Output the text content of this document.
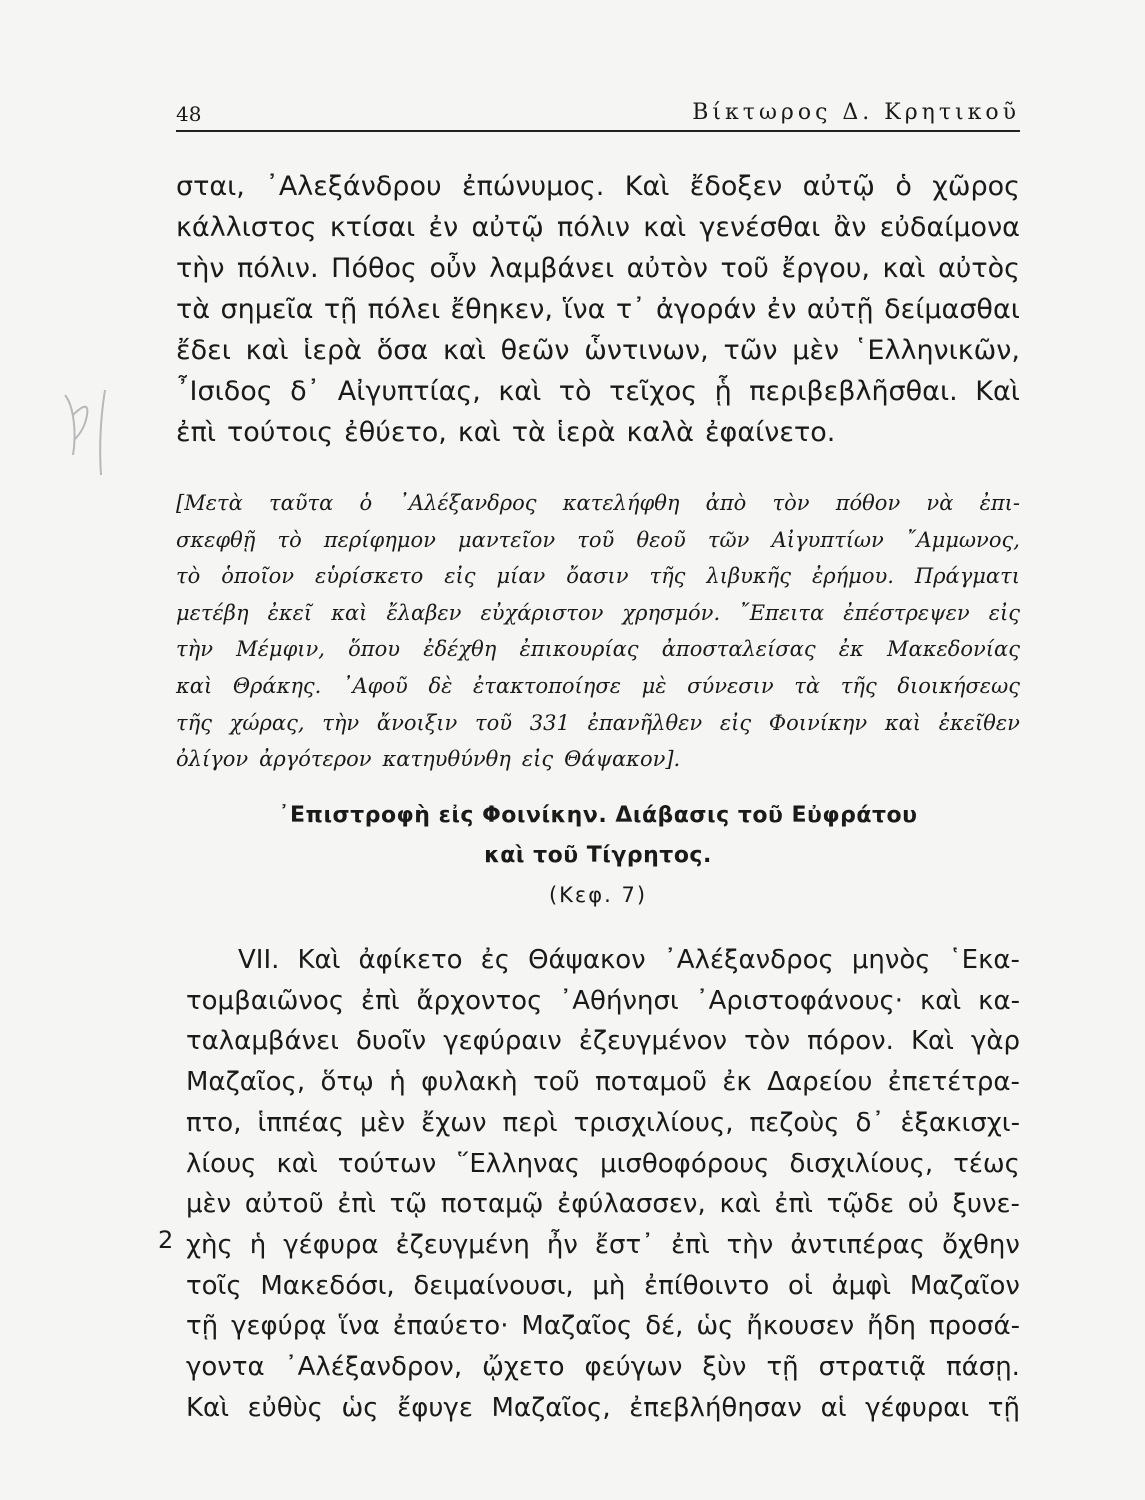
48	Βίκτωρος Δ. Κρητικοῦ
σται, ᾿Αλεξάνδρου ἐπώνυμος. Καὶ ἔδοξεν αὐτῷ ὁ χῶρος
κάλλιστος κτίσαι ἐν αὐτῷ πόλιν καὶ γενέσθαι ἂν εὐδαίμονα
τὴν πόλιν. Πόθος οὖν λαμβάνει αὐτὸν τοῦ ἔργου, καὶ αὐτὸς
τὰ σημεῖα τῇ πόλει ἔθηκεν, ἵνα τ᾿ ἀγοράν ἐν αὐτῇ δείμασθαι
ἔδει καὶ ἱερὰ ὅσα καὶ θεῶν ὧντινων, τῶν μὲν ῾Ελληνικῶν,
῏Ισιδος δ᾿ Αἰγυπτίας, καὶ τὸ τεῖχος ᾗ περιβεβλῆσθαι. Καὶ
ἐπὶ τούτοις ἐθύετο, καὶ τὰ ἱερὰ καλὰ ἐφαίνετο.
[Μετὰ ταῦτα ὁ ᾿Αλέξανδρος κατελήφθη ἀπὸ τὸν πόθον νὰ ἐπι-
σκεφθῇ τὸ περίφημον μαντεῖον τοῦ θεοῦ τῶν Αἰγυπτίων ῎Αμμωνος,
τὸ ὁποῖον εὑρίσκετο εἰς μίαν ὄασιν τῆς λιβυκῆς ἐρήμου. Πράγματι
μετέβη ἐκεῖ καὶ ἔλαβεν εὐχάριστον χρησμόν. ῎Επειτα ἐπέστρεψεν εἰς
τὴν Μέμφιν, ὅπου ἐδέχθη ἐπικουρίας ἀποσταλείσας ἐκ Μακεδονίας
καὶ Θράκης. ᾿Αφοῦ δὲ ἐτακτοποίησε μὲ σύνεσιν τὰ τῆς διοικήσεως
τῆς χώρας, τὴν ἄνοιξιν τοῦ 331 ἐπανῆλθεν εἰς Φοινίκην καὶ ἐκεῖθεν
ὀλίγον ἀργότερον κατηυθύνθη εἰς Θάψακον].
᾿Επιστροφὴ εἰς Φοινίκην. Διάβασις τοῦ Εὐφράτου
καὶ τοῦ Τίγρητος.
(Κεφ. 7)
VII. Καὶ ἀφίκετο ἐς Θάψακον ᾿Αλέξανδρος μηνὸς ῾Εκα-
τομβαιῶνος ἐπὶ ἄρχοντος ᾿Αθήνησι ᾿Αριστοφάνους· καὶ κα-
ταλαμβάνει δυοῖν γεφύραιν ἐζευγμένον τὸν πόρον. Καὶ γὰρ
Μαζαῖος, ὅτῳ ἡ φυλακὴ τοῦ ποταμοῦ ἐκ Δαρείου ἐπετέτρα-
πτο, ἱππέας μὲν ἔχων περὶ τρισχιλίους, πεζοὺς δ᾿ ἑξακισχι-
λίους καὶ τούτων ῞Ελληνας μισθοφόρους δισχιλίους, τέως
μὲν αὐτοῦ ἐπὶ τῷ ποταμῷ ἐφύλασσεν, καὶ ἐπὶ τῷδε οὐ ξυνε-
χὴς ἡ γέφυρα ἐζευγμένη ἦν ἔστ᾿ ἐπὶ τὴν ἀντιπέρας ὄχθην
τοῖς Μακεδόσι, δειμαίνουσι, μὴ ἐπίθοιντο οἱ ἀμφὶ Μαζαῖον
τῇ γεφύρᾳ ἵνα ἐπαύετο· Μαζαῖος δέ, ὡς ἤκουσεν ἤδη προσά-
γοντα ᾿Αλέξανδρον, ᾤχετο φεύγων ξὺν τῇ στρατιᾷ πάσῃ.
Καὶ εὐθὺς ὡς ἔφυγε Μαζαῖος, ἐπεβλήθησαν αἱ γέφυραι τῇ
2
